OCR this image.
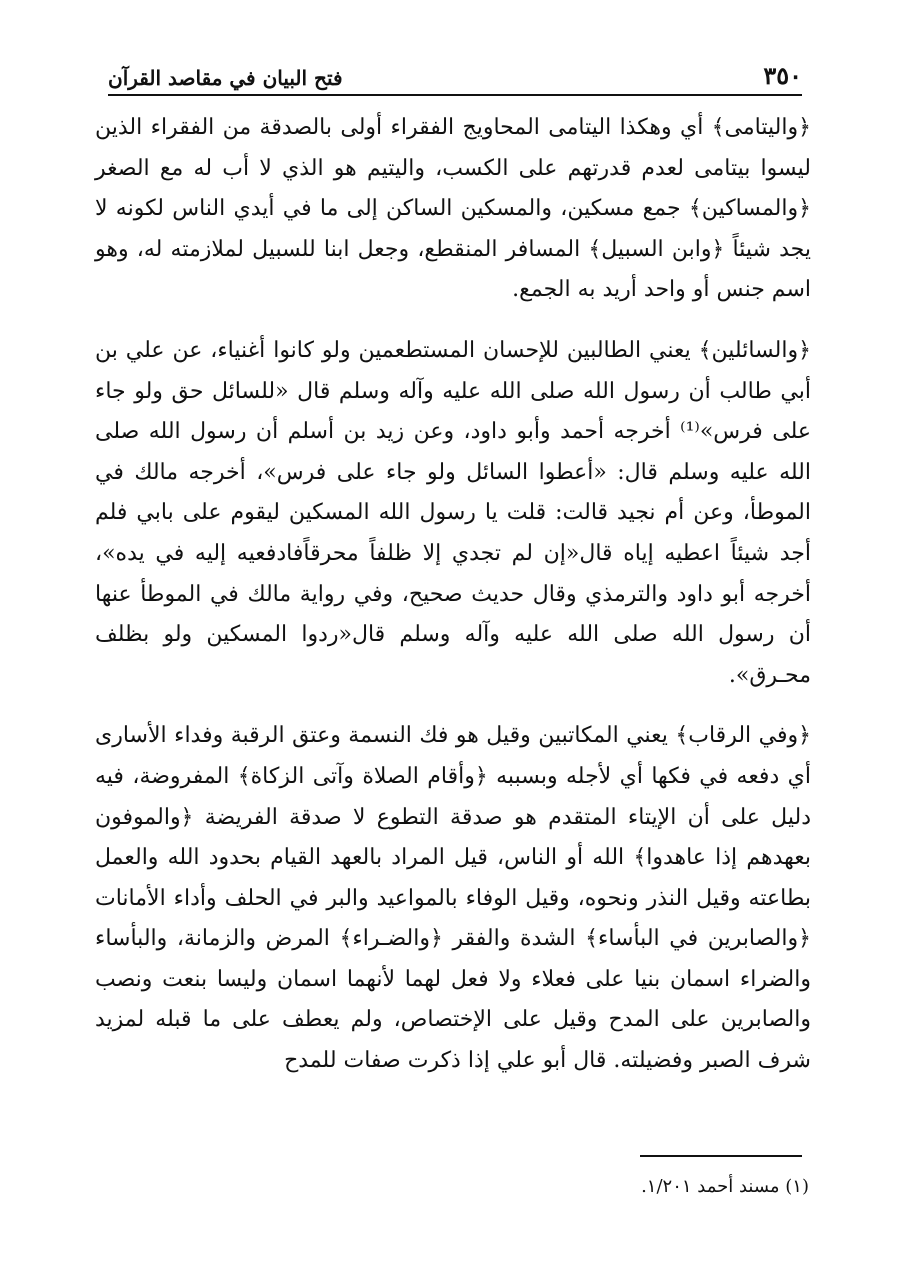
٣٥٠
فتح البيان في مقاصد القرآن

﴿واليتامى﴾ أي وهكذا اليتامى المحاويج الفقراء أولى بالصدقة من الفقراء الذين ليسوا بيتامى لعدم قدرتهم على الكسب، واليتيم هو الذي لا أب له مع الصغر ﴿والمساكين﴾ جمع مسكين، والمسكين الساكن إلى ما في أيدي الناس لكونه لا يجد شيئاً ﴿وابن السبيل﴾ المسافر المنقطع، وجعل ابنا للسبيل لملازمته له، وهو اسم جنس أو واحد أريد به الجمع.

﴿والسائلين﴾ يعني الطالبين للإحسان المستطعمين ولو كانوا أغنياء، عن علي بن أبي طالب أن رسول الله صلى الله عليه وآله وسلم قال «للسائل حق ولو جاء على فرس»⁽¹⁾ أخرجه أحمد وأبو داود، وعن زيد بن أسلم أن رسول الله صلى الله عليه وسلم قال: «أعطوا السائل ولو جاء على فرس»، أخرجه مالك في الموطأ، وعن أم نجيد قالت: قلت يا رسول الله المسكين ليقوم على بابي فلم أجد شيئاً اعطيه إياه قال«إن لم تجدي إلا ظلفاً محرقاًفادفعيه إليه في يده»، أخرجه أبو داود والترمذي وقال حديث صحيح، وفي رواية مالك في الموطأ عنها أن رسول الله صلى الله عليه وآله وسلم قال«ردوا المسكين ولو بظلف محـرق».

﴿وفي الرقاب﴾ يعني المكاتبين وقيل هو فك النسمة وعتق الرقبة وفداء الأسارى أي دفعه في فكها أي لأجله وبسببه ﴿وأقام الصلاة وآتى الزكاة﴾ المفروضة، فيه دليل على أن الإيتاء المتقدم هو صدقة التطوع لا صدقة الفريضة ﴿والموفون بعهدهم إذا عاهدوا﴾ الله أو الناس، قيل المراد بالعهد القيام بحدود الله والعمل بطاعته وقيل النذر ونحوه، وقيل الوفاء بالمواعيد والبر في الحلف وأداء الأمانات ﴿والصابرين في البأساء﴾ الشدة والفقر ﴿والضـراء﴾ المرض والزمانة، والبأساء والضراء اسمان بنيا على فعلاء ولا فعل لهما لأنهما اسمان وليسا بنعت ونصب والصابرين على المدح وقيل على الإختصاص، ولم يعطف على ما قبله لمزيد شرف الصبر وفضيلته. قال أبو علي إذا ذكرت صفات للمدح

(١) مسند أحمد ١/٢٠١.
